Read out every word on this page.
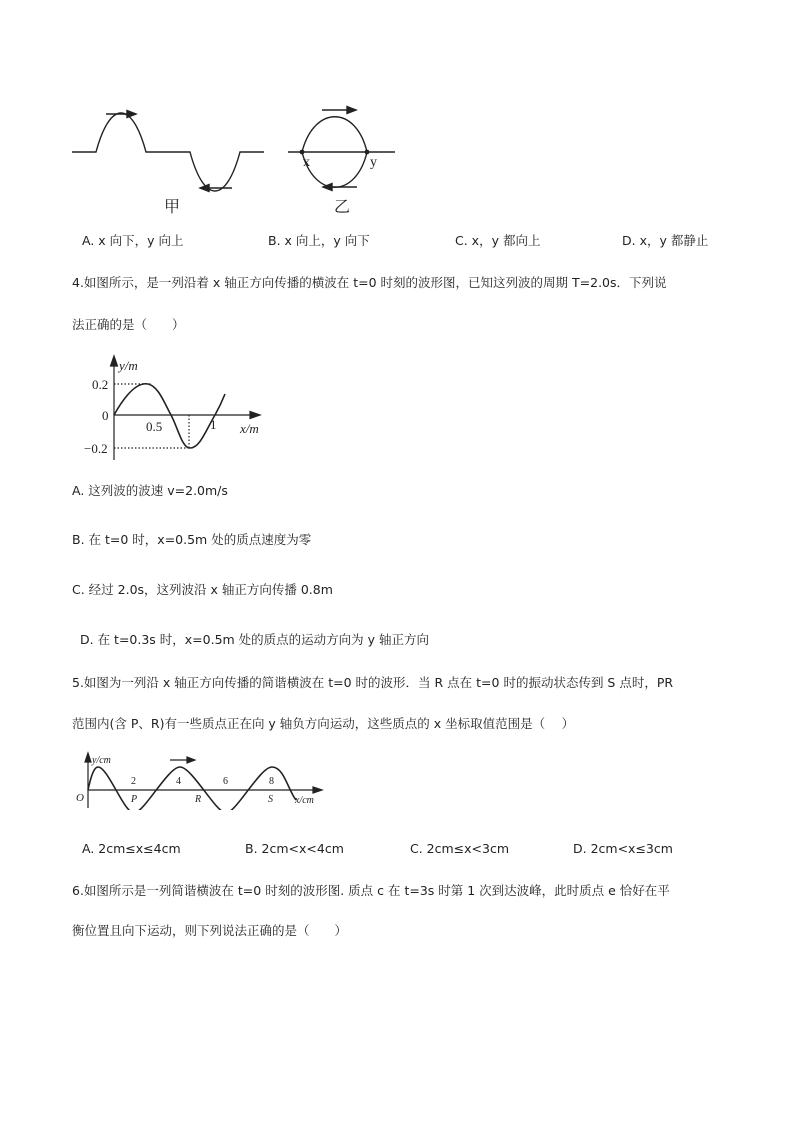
甲
x	y
乙
A. x 向下，y 向上	B. x 向上，y 向下	C. x，y 都向上	D. x，y 都静止
4.如图所示，是一列沿着 x 轴正方向传播的横波在 t=0 时刻的波形图，已知这列波的周期 T=2.0s．下列说
法正确的是（　　）
y/m
x/m
0.2
0
−0.2
0.5	1
A. 这列波的波速 v=2.0m/s
B. 在 t=0 时，x=0.5m 处的质点速度为零
C. 经过 2.0s，这列波沿 x 轴正方向传播 0.8m
D. 在 t=0.3s 时，x=0.5m 处的质点的运动方向为 y 轴正方向
5.如图为一列沿 x 轴正方向传播的简谐横波在 t=0 时的波形．当 R 点在 t=0 时的振动状态传到 S 点时，PR
范围内(含 P、R)有一些质点正在向 y 轴负方向运动，这些质点的 x 坐标取值范围是（　 ）
y/cm
x/cm
O
2	4	6	8
P	R	S
A. 2cm≤x≤4cm	B. 2cm<x<4cm	C. 2cm≤x<3cm	D. 2cm<x≤3cm
6.如图所示是一列简谐横波在 t=0 时刻的波形图. 质点 c 在 t=3s 时第 1 次到达波峰，此时质点 e 恰好在平
衡位置且向下运动，则下列说法正确的是（　　）
